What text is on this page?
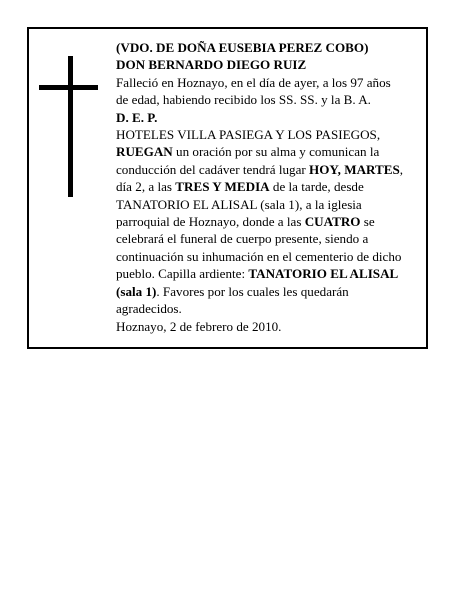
(VDO. DE DOÑA EUSEBIA PEREZ COBO)
DON BERNARDO DIEGO RUIZ
Falleció en Hoznayo, en el día de ayer, a los 97 años
de edad, habiendo recibido los SS. SS. y la B. A.
D. E. P.
HOTELES VILLA PASIEGA Y LOS PASIEGOS,
RUEGAN un oración por su alma y comunican la
conducción del cadáver tendrá lugar HOY, MARTES,
día 2, a las TRES Y MEDIA de la tarde, desde
TANATORIO EL ALISAL (sala 1), a la iglesia
parroquial de Hoznayo, donde a las CUATRO se
celebrará el funeral de cuerpo presente, siendo a
continuación su inhumación en el cementerio de dicho
pueblo. Capilla ardiente: TANATORIO EL ALISAL
(sala 1). Favores por los cuales les quedarán
agradecidos.
Hoznayo, 2 de febrero de 2010.
